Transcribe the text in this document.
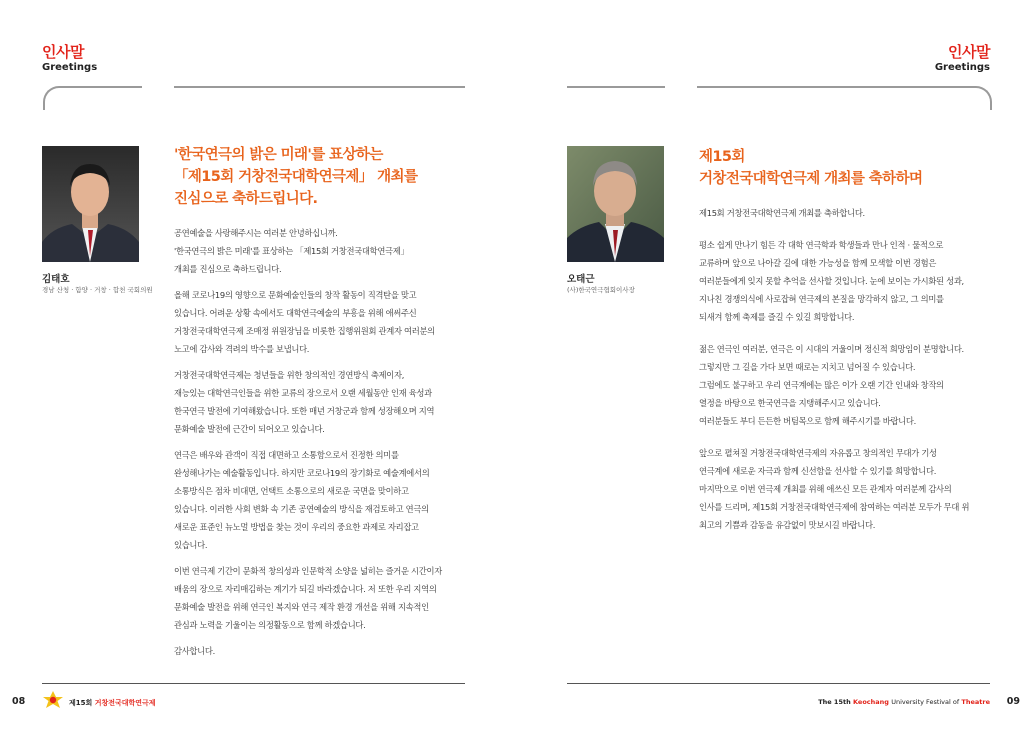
인사말
Greetings
김태호
경남 산청 · 함양 · 거창 · 합천 국회의원
'한국연극의 밝은 미래'를 표상하는
「제15회 거창전국대학연극제」 개최를
진심으로 축하드립니다.

공연예술을 사랑해주시는 여러분 안녕하십니까.
'한국연극의 밝은 미래'를 표상하는 「제15회 거창전국대학연극제」
개최를 진심으로 축하드립니다.

올해 코로나19의 영향으로 문화예술인들의 창작 활동이 직격탄을 맞고
있습니다. 어려운 상황 속에서도 대학연극예술의 부흥을 위해 애써주신
거창전국대학연극제 조매정 위원장님을 비롯한 집행위원회 관계자 여러분의
노고에 감사와 격려의 박수를 보냅니다.

거창전국대학연극제는 청년들을 위한 창의적인 경연방식 축제이자,
재능있는 대학연극인들을 위한 교류의 장으로서 오랜 세월동안 인재 육성과
한국연극 발전에 기여해왔습니다. 또한 매년 거창군과 함께 성장해오며 지역
문화예술 발전에 근간이 되어오고 있습니다.

연극은 배우와 관객이 직접 대면하고 소통함으로서 진정한 의미를
완성해나가는 예술활동입니다. 하지만 코로나19의 장기화로 예술계에서의
소통방식은 점차 비대면, 언택트 소통으로의 새로운 국면을 맞이하고
있습니다. 이러한 사회 변화 속 기존 공연예술의 방식을 재검토하고 연극의
새로운 표준인 뉴노멀 방법을 찾는 것이 우리의 중요한 과제로 자리잡고
있습니다.

이번 연극제 기간이 문화적 창의성과 인문학적 소양을 넓히는 즐거운 시간이자
배움의 장으로 자리매김하는 계기가 되길 바라겠습니다. 저 또한 우리 지역의
문화예술 발전을 위해 연극인 복지와 연극 제작 환경 개선을 위해 지속적인
관심과 노력을 기울이는 의정활동으로 함께 하겠습니다.

감사합니다.

08	제15회 거창전국대학연극제
인사말
Greetings
오태근
(사)한국연극협회이사장
제15회
거창전국대학연극제 개최를 축하하며

제15회 거창전국대학연극제 개최를 축하합니다.

평소 쉽게 만나기 힘든 각 대학 연극학과 학생들과 만나 인적 · 물적으로
교류하며 앞으로 나아갈 길에 대한 가능성을 함께 모색할 이번 경험은
여러분들에게 잊지 못할 추억을 선사할 것입니다. 눈에 보이는 가시화된 성과,
지나친 경쟁의식에 사로잡혀 연극제의 본질을 망각하지 않고, 그 의미를
되새겨 함께 축제를 즐길 수 있길 희망합니다.

젊은 연극인 여러분, 연극은 이 시대의 거울이며 정신적 희망임이 분명합니다.
그렇지만 그 길을 가다 보면 때로는 지치고 넘어질 수 있습니다.
그럼에도 불구하고 우리 연극계에는 많은 이가 오랜 기간 인내와 창작의
열정을 바탕으로 한국연극을 지탱해주시고 있습니다.
여러분들도 부디 든든한 버팀목으로 함께 해주시기를 바랍니다.

앞으로 펼쳐질 거창전국대학연극제의 자유롭고 창의적인 무대가 기성
연극계에 새로운 자극과 함께 신선함을 선사할 수 있기를 희망합니다.
마지막으로 이번 연극제 개최를 위해 애쓰신 모든 관계자 여러분께 감사의
인사를 드리며, 제15회 거창전국대학연극제에 참여하는 여러분 모두가 무대 위
최고의 기쁨과 감동을 유감없이 맛보시길 바랍니다.

The 15th Keochang University Festival of Theatre 09
